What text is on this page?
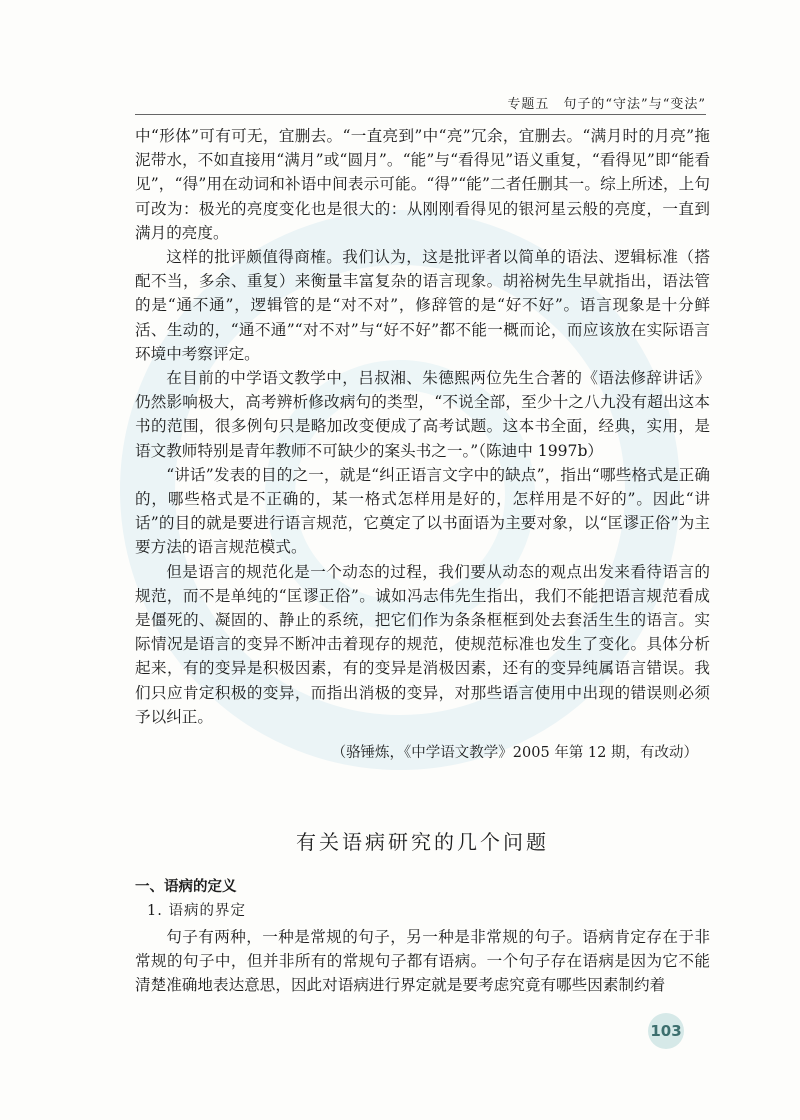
专题五　句子的“守法”与“变法”

中“形体”可有可无，宜删去。“一直亮到”中“亮”冗余，宜删去。“满月时的月亮”拖泥带水，不如直接用“满月”或“圆月”。“能”与“看得见”语义重复，“看得见”即“能看见”，“得”用在动词和补语中间表示可能。“得”“能”二者任删其一。综上所述，上句可改为：极光的亮度变化也是很大的：从刚刚看得见的银河星云般的亮度，一直到满月的亮度。

这样的批评颇值得商榷。我们认为，这是批评者以简单的语法、逻辑标准（搭配不当，多余、重复）来衡量丰富复杂的语言现象。胡裕树先生早就指出，语法管的是“通不通”，逻辑管的是“对不对”，修辞管的是“好不好”。语言现象是十分鲜活、生动的，“通不通”“对不对”与“好不好”都不能一概而论，而应该放在实际语言环境中考察评定。

在目前的中学语文教学中，吕叔湘、朱德熙两位先生合著的《语法修辞讲话》仍然影响极大，高考辨析修改病句的类型，“不说全部，至少十之八九没有超出这本书的范围，很多例句只是略加改变便成了高考试题。这本书全面，经典，实用，是语文教师特别是青年教师不可缺少的案头书之一。”（陈迪中 1997b）

“讲话”发表的目的之一，就是“纠正语言文字中的缺点”，指出“哪些格式是正确的，哪些格式是不正确的，某一格式怎样用是好的，怎样用是不好的”。因此“讲话”的目的就是要进行语言规范，它奠定了以书面语为主要对象，以“匡谬正俗”为主要方法的语言规范模式。

但是语言的规范化是一个动态的过程，我们要从动态的观点出发来看待语言的规范，而不是单纯的“匡谬正俗”。诚如冯志伟先生指出，我们不能把语言规范看成是僵死的、凝固的、静止的系统，把它们作为条条框框到处去套活生生的语言。实际情况是语言的变异不断冲击着现存的规范，使规范标准也发生了变化。具体分析起来，有的变异是积极因素，有的变异是消极因素，还有的变异纯属语言错误。我们只应肯定积极的变异，而指出消极的变异，对那些语言使用中出现的错误则必须予以纠正。

（骆锤炼，《中学语文教学》2005 年第 12 期，有改动）
有关语病研究的几个问题
一、语病的定义
1. 语病的界定

句子有两种，一种是常规的句子，另一种是非常规的句子。语病肯定存在于非常规的句子中，但并非所有的常规句子都有语病。一个句子存在语病是因为它不能清楚准确地表达意思，因此对语病进行界定就是要考虑究竟有哪些因素制约着

103
